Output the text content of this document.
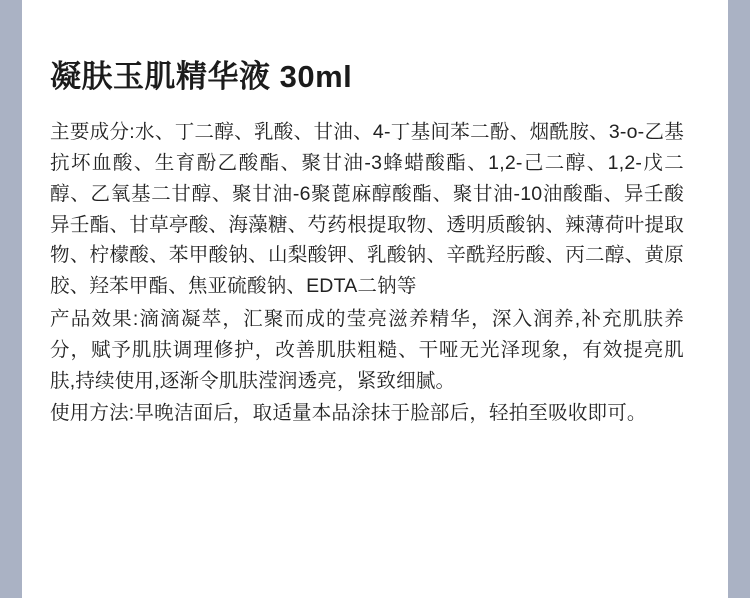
凝肤玉肌精华液 30ml

主要成分:水、丁二醇、乳酸、甘油、4-丁基间苯二酚、烟酰胺、3-o-乙基抗坏血酸、生育酚乙酸酯、聚甘油-3蜂蜡酸酯、1,2-己二醇、1,2-戊二醇、乙氧基二甘醇、聚甘油-6聚蓖麻醇酸酯、聚甘油-10油酸酯、异壬酸异壬酯、甘草亭酸、海藻糖、芍药根提取物、透明质酸钠、辣薄荷叶提取物、柠檬酸、苯甲酸钠、山梨酸钾、乳酸钠、辛酰羟肟酸、丙二醇、黄原胶、羟苯甲酯、焦亚硫酸钠、EDTA二钠等

产品效果:滴滴凝萃，汇聚而成的莹亮滋养精华，深入润养,补充肌肤养分，赋予肌肤调理修护，改善肌肤粗糙、干哑无光泽现象，有效提亮肌肤,持续使用,逐渐令肌肤滢润透亮，紧致细腻。

使用方法:早晚洁面后，取适量本品涂抹于脸部后，轻拍至吸收即可。
